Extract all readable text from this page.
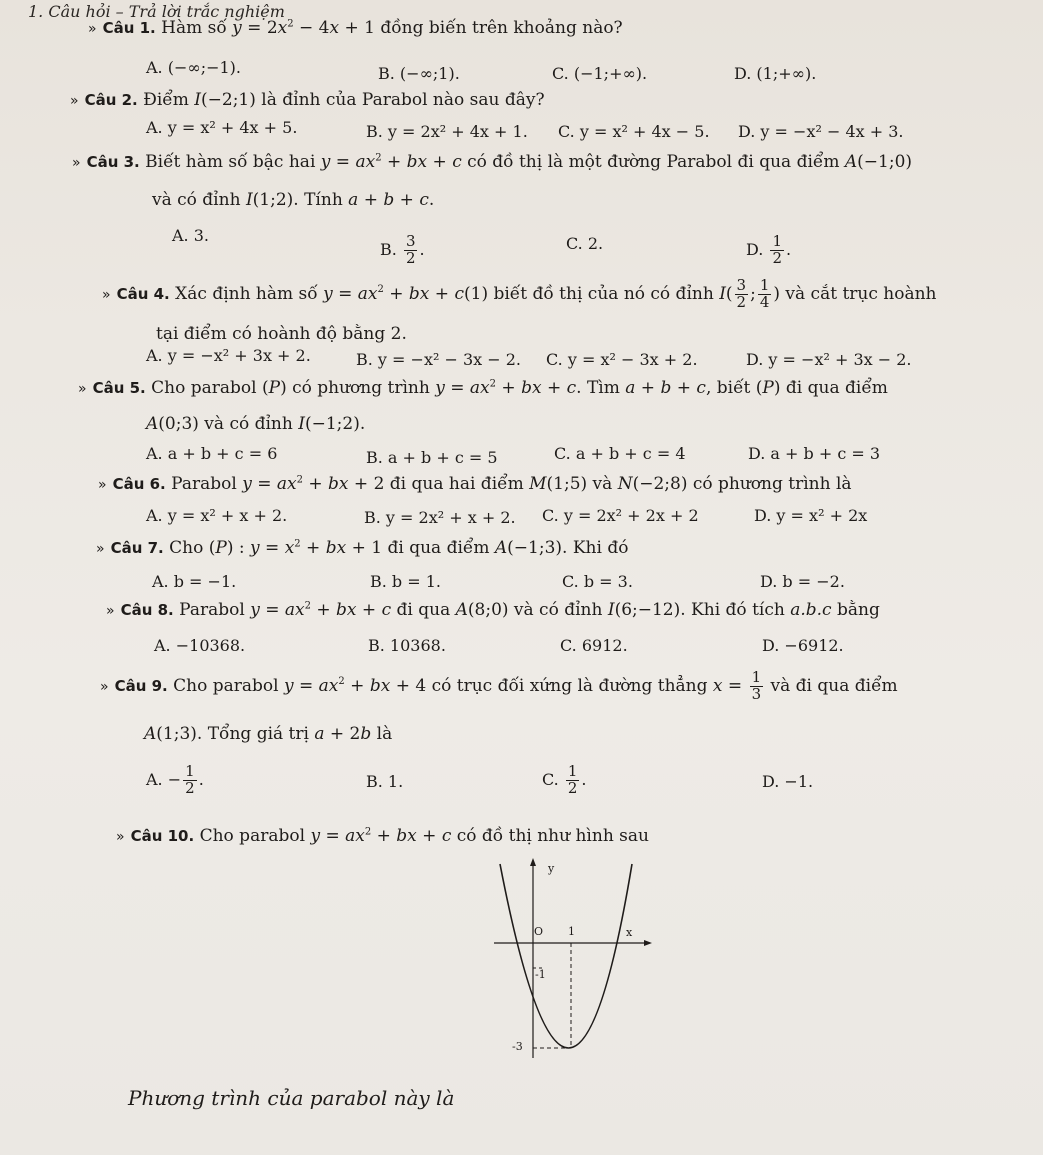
1. Câu hỏi – Trả lời trắc nghiệm
» Câu 1. Hàm số $y = 2x^2 - 4x + 1$ đồng biến trên khoảng nào?
A. (−∞;−1).	B. (−∞;1).	C. (−1;+∞).	D. (1;+∞).
» Câu 2. Điểm I(−2;1) là đỉnh của Parabol nào sau đây?
A. y = x² + 4x + 5.	B. y = 2x² + 4x + 1. C. y = x² + 4x − 5. D. y = −x² − 4x + 3.
» Câu 3. Biết hàm số bậc hai $y = ax^2$ + bx + c có đồ thị là một đường Parabol đi qua điểm A(−1;0)
và có đỉnh I(1;2). Tính a + b + c.
A. 3.
B. $\frac{3}{2}$ .	C. 2.	D. $\frac{1}{2}$ .
» Câu 4. Xác định hàm số $y = ax^2$ + bx + c(1) biết đồ thị của nó có đỉnh $I( \frac{3}{2}$ ; $\frac{1}{4}$ ) và cắt trục hoành
tại điểm có hoành độ bằng 2.
A. y = −x² + 3x + 2.	B. y = −x² − 3x − 2. C. y = x² − 3x + 2.	D. y = −x² + 3x − 2.
» Câu 5. Cho parabol (P) có phương trình $y = ax^2$ + bx + c. Tìm a + b + c, biết (P) đi qua điểm
A(0;3) và có đỉnh I(−1;2).
A. a + b + c = 6	B. a + b + c = 5	C. a + b + c = 4	D. a + b + c = 3
» Câu 6. Parabol $y = ax^2$ + bx + 2 đi qua hai điểm M(1;5) và N(−2;8) có phương trình là
A. y = x² + x + 2.	B. y = 2x² + x + 2. C. y = 2x² + 2x + 2	D. y = x² + 2x
» Câu 7. Cho (P) : $y = x^2$ + bx + 1 đi qua điểm A(−1;3). Khi đó
A. b = −1.	B. b = 1.	C. b = 3.	D. b = −2.
» Câu 8. Parabol $y = ax^2$ + bx + c đi qua A(8;0) và có đỉnh I(6;−12). Khi đó tích a.b.c bằng
A. −10368.	B. 10368.	C. 6912.	D. −6912.
» Câu 9. Cho parabol $y = ax^2$ + bx + 4 có trục đối xứng là đường thẳng $x = \frac{1}{3}$ và đi qua điểm
A(1;3). Tổng giá trị a + 2b là
A. − $\frac{1}{2}$ .	B. 1.	C. $\frac{1}{2}$ .	D. −1.
» Câu 10. Cho parabol $y = ax^2$ + bx + c có đồ thị như hình sau
y
x
O 1
-1
-3
Phương trình của parabol này là
